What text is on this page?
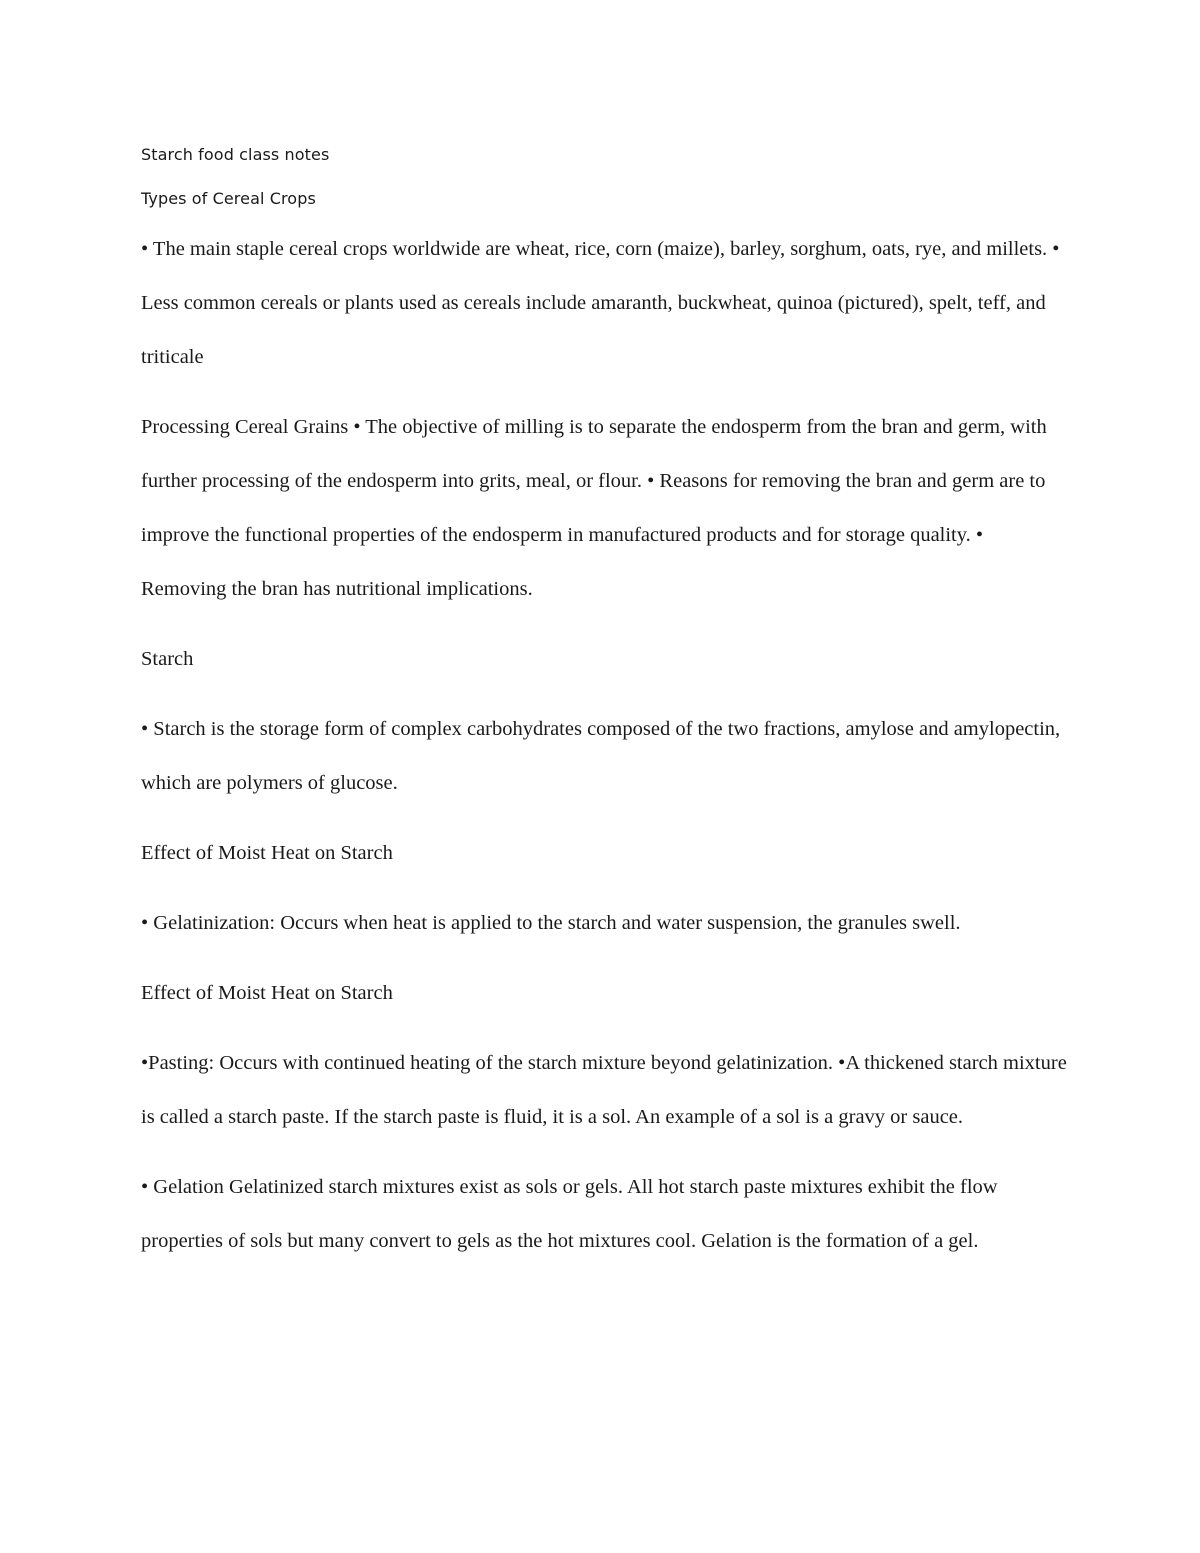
Starch food class notes
Types of Cereal Crops

• The main staple cereal crops worldwide are wheat, rice, corn (maize), barley, sorghum, oats, rye, and millets. • Less common cereals or plants used as cereals include amaranth, buckwheat, quinoa (pictured), spelt, teff, and triticale

Processing Cereal Grains • The objective of milling is to separate the endosperm from the bran and germ, with further processing of the endosperm into grits, meal, or flour. • Reasons for removing the bran and germ are to improve the functional properties of the endosperm in manufactured products and for storage quality. • Removing the bran has nutritional implications.

Starch

• Starch is the storage form of complex carbohydrates composed of the two fractions, amylose and amylopectin, which are polymers of glucose.

Effect of Moist Heat on Starch

• Gelatinization: Occurs when heat is applied to the starch and water suspension, the granules swell.

Effect of Moist Heat on Starch

•Pasting: Occurs with continued heating of the starch mixture beyond gelatinization. •A thickened starch mixture is called a starch paste. If the starch paste is fluid, it is a sol. An example of a sol is a gravy or sauce.

• Gelation Gelatinized starch mixtures exist as sols or gels. All hot starch paste mixtures exhibit the flow properties of sols but many convert to gels as the hot mixtures cool. Gelation is the formation of a gel.
